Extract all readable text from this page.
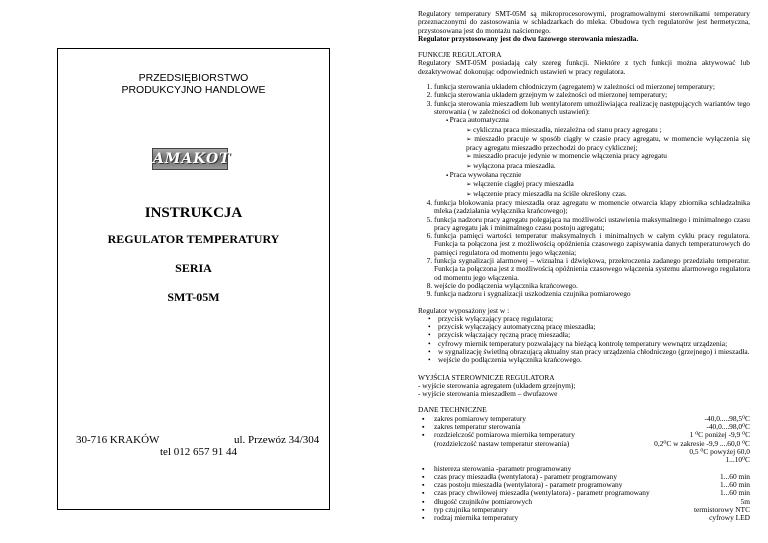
PRZEDSIĘBIORSTWO
PRODUKCYJNO HANDLOWE
AMAKOT
INSTRUKCJA
REGULATOR TEMPERATURY
SERIA
SMT-05M
30-716 KRAKÓW	ul. Przewóz 34/304
tel 012 657 91 44

Regulatory temperatury SMT-05M są mikroprocesorowymi, programowalnymi sterownikami temperatury przeznaczonymi do zastosowania w schładzarkach do mleka. Obudowa tych regulatorów jest hermetyczna, przystosowana jest do montażu naściennego.

Regulator przystosowany jest do dwu fazowego sterowania mieszadła.

FUNKCJE REGULATORA

Regulatory SMT-05M posiadają cały szereg funkcji. Niektóre z tych funkcji można aktywować lub dezaktywować dokonując odpowiednich ustawień w pracy regulatora.

1. funkcja sterowania układem chłodniczym (agregatem) w zależności od mierzonej temperatury;
2. funkcja sterowania układem grzejnym w zależności od mierzonej temperatury;
3. funkcja sterowania mieszadłem lub wentylatorem umożliwiająca realizację następujących wariantów tego sterowania ( w zależności od dokonanych ustawień):
▪ Praca automatyczna
➢ cykliczna praca mieszadła, niezależna od stanu pracy agregatu ;
➢ mieszadło pracuje w sposób ciągły w czasie pracy agregatu, w momencie wyłączenia się pracy agregatu mieszadło przechodzi do pracy cyklicznej;
➢ mieszadło pracuje jedynie w momencie włączenia pracy agregatu
➢ wyłączona praca mieszadła.
▪ Praca wywołana ręcznie
➢ włączenie ciągłej pracy mieszadła
➢ włączenie pracy mieszadła na ściśle określony czas.
4. funkcja blokowania pracy mieszadła oraz agregatu w momencie otwarcia klapy zbiornika schładzalnika mleka (zadziałania wyłącznika krańcowego);
5. funkcja nadzoru pracy agregatu polegająca na możliwości ustawienia maksymalnego i minimalnego czasu pracy agregatu jak i minimalnego czasu postoju agregatu;
6. funkcja pamięci wartości temperatur maksymalnych i minimalnych w całym cyklu pracy regulatora. Funkcja ta połączona jest z możliwością opóźnienia czasowego zapisywania danych temperaturowych do pamięci regulatora od momentu jego włączenia;
7. funkcja sygnalizacji alarmowej – wizualna i dźwiękowa, przekroczenia zadanego przedziału temperatur. Funkcja ta połączona jest z możliwością opóźnienia czasowego włączenia systemu alarmowego regulatora od momentu jego włączenia.
8. wejście do podłączenia wyłącznika krańcowego.
9. funkcja nadzoru i sygnalizacji uszkodzenia czujnika pomiarowego

Regulator wyposażony jest w :

• przycisk wyłączający pracę regulatora;
• przycisk wyłączający automatyczną pracę mieszadła;
• przycisk włączający ręczną pracę mieszadła;
• cyfrowy miernik temperatury pozwalający na bieżącą kontrolę temperatury wewnątrz urządzenia;
• w sygnalizację świetlną obrazującą aktualny stan pracy urządzenia chłodniczego (grzejnego) i mieszadła.
• wejście do podłączenia wyłącznika krańcowego.

WYJŚCIA STEROWNICZE REGULATORA

- wyjście sterowania agregatem (układem grzejnym);

- wyjście sterowania mieszadłem – dwufazowe

DANE TECHNICZNE

▪ zakres pomiarowy temperatury	-40,0.....98,5⁰C
▪ zakres temperatur sterowania	-40,0....98,0⁰C
▪ rozdzielczość pomiarowa miernika temperatury	1 ⁰C poniżej -9,9 ⁰C
(rozdzielczość nastaw temperatur sterowania)	0,2⁰C w zakresie -9,9 ....60,0 ⁰C
0,5 ⁰C powyżej 60,0
1...10⁰C
▪ histereza sterowania -parametr programowany
▪ czas pracy mieszadła (wentylatora) - parametr programowany	1...60 min
▪ czas postoju mieszadła (wentylatora) - parametr programowany	1...60 min
▪ czas pracy chwilowej mieszadła (wentylatora) - parametr programowany	1...60 min
▪ długość czujników pomiarowych	5m
▪ typ czujnika temperatury	termistorowy NTC
▪ rodzaj miernika temperatury	cyfrowy LED
